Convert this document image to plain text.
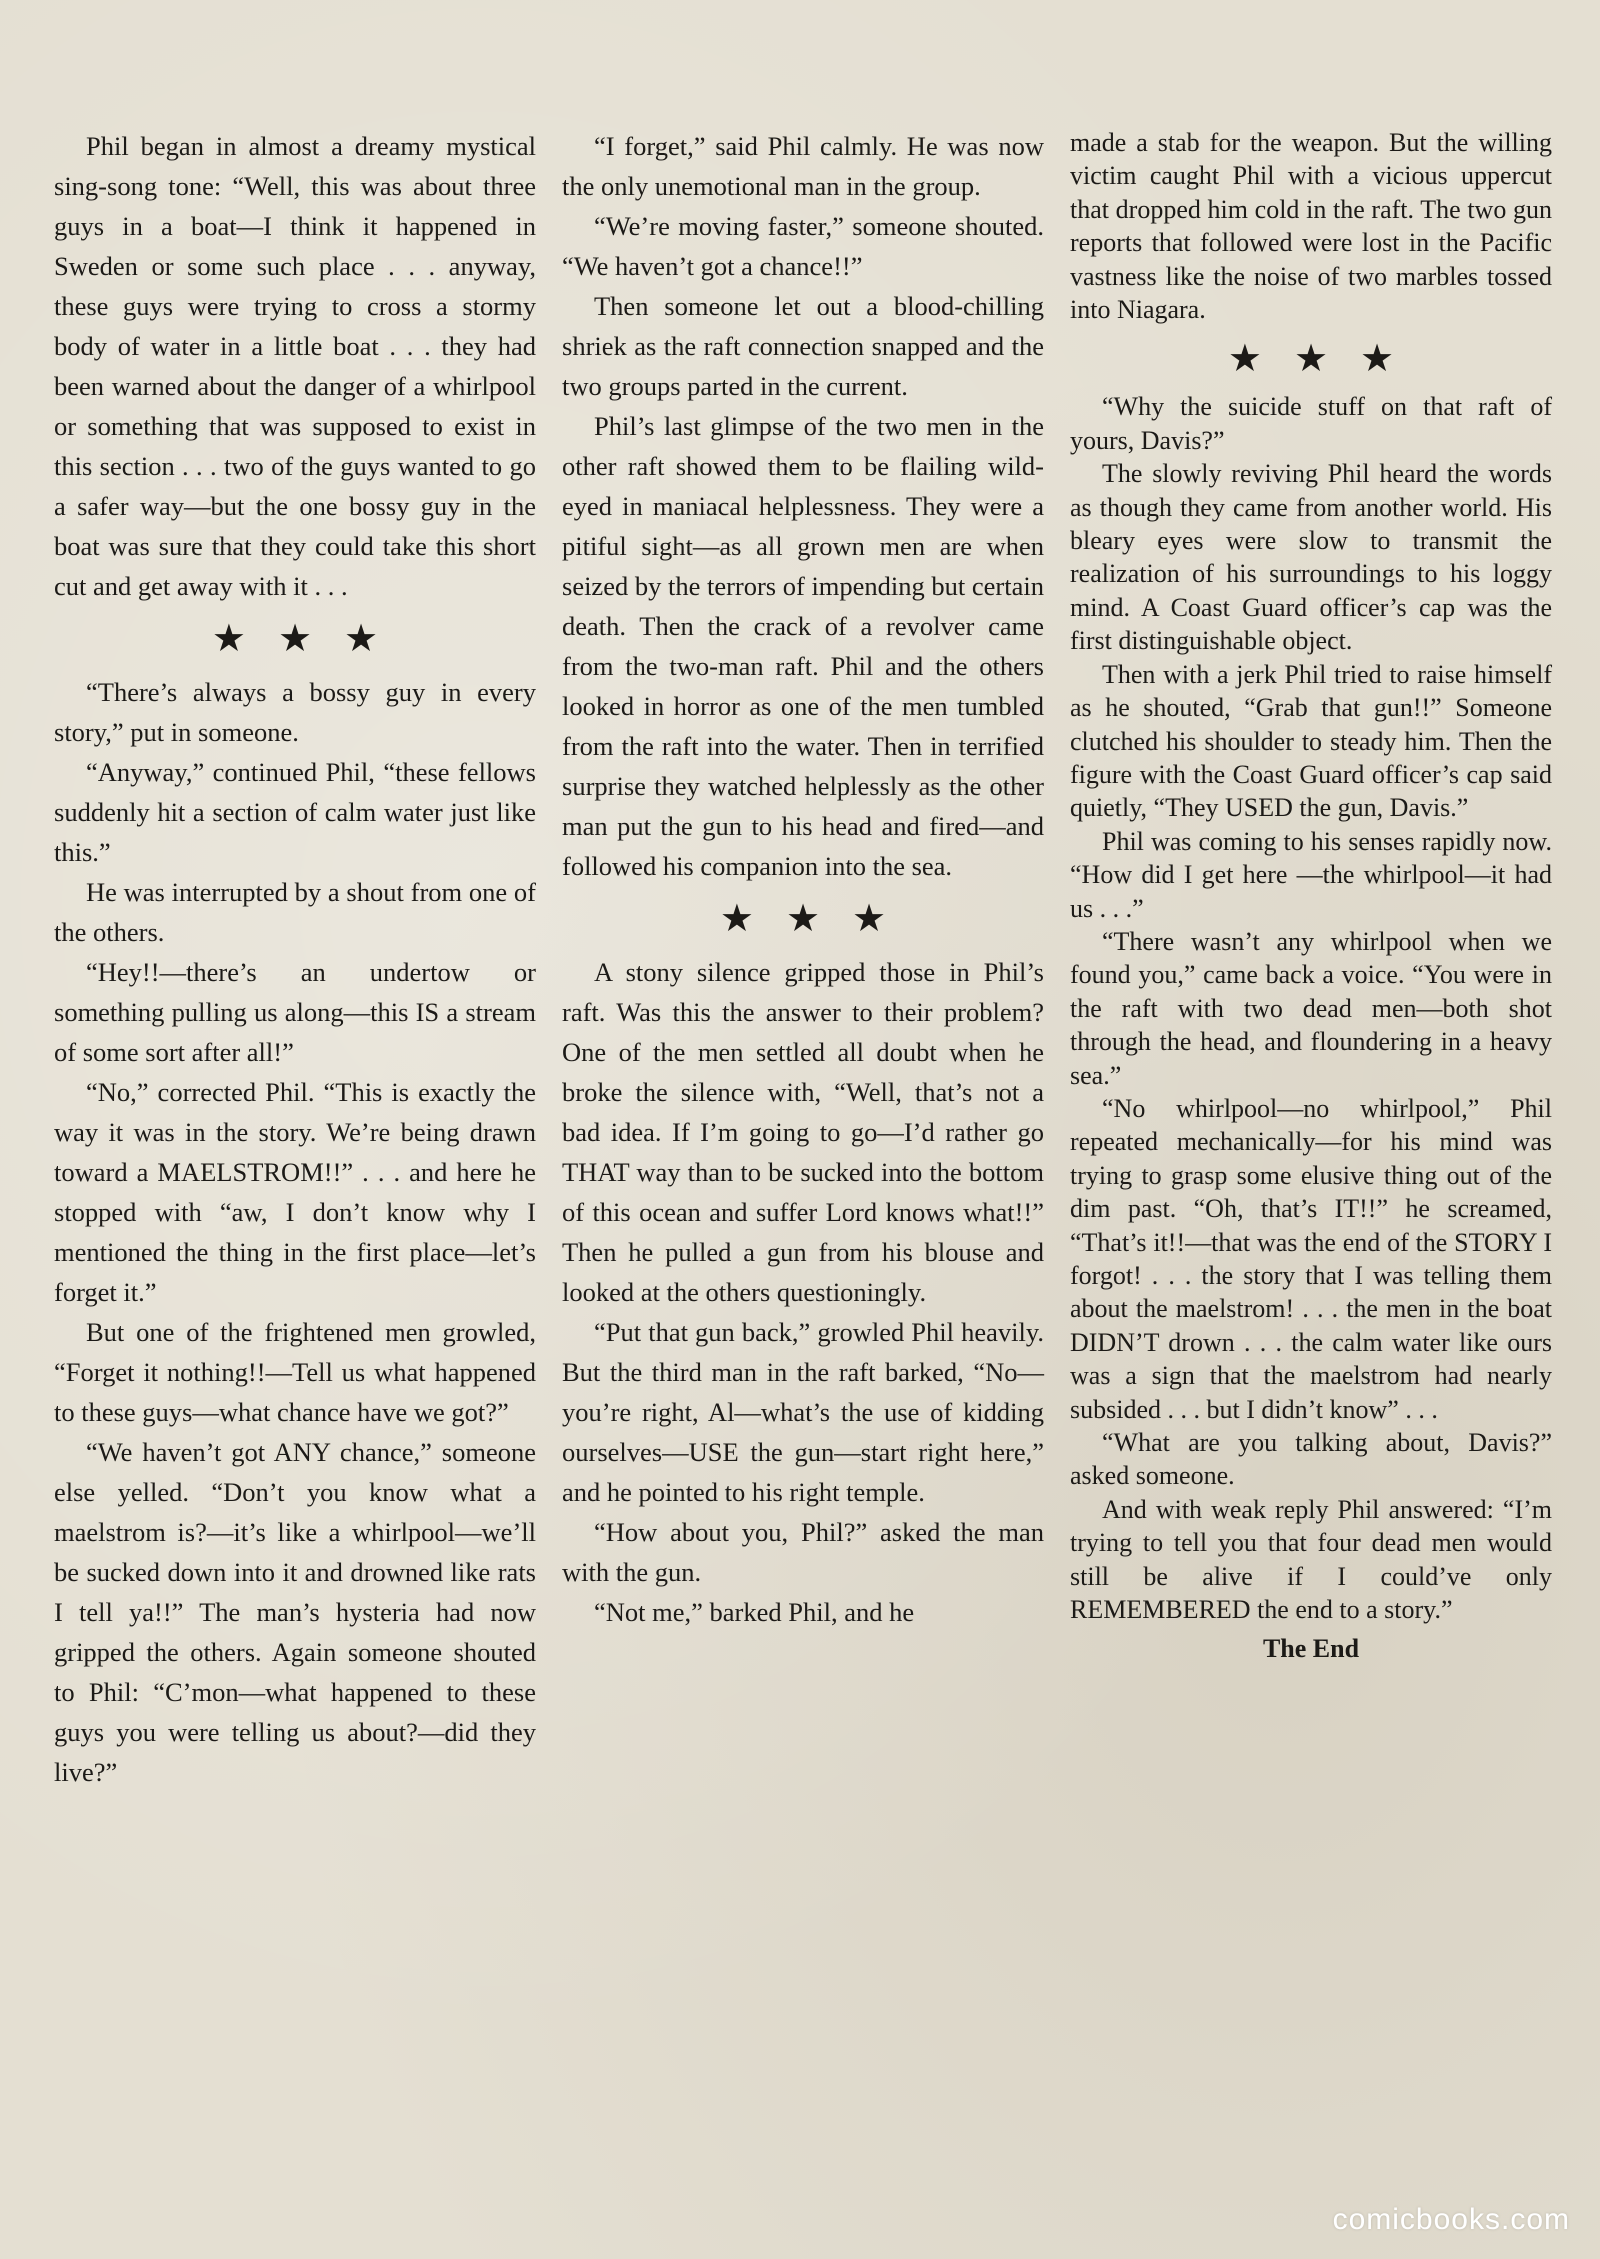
Phil began in almost a dreamy mystical sing-song tone: “Well, this was about three guys in a boat—I think it happened in Sweden or some such place . . . anyway, these guys were trying to cross a stormy body of water in a little boat . . . they had been warned about the danger of a whirlpool or something that was supposed to exist in this section . . . two of the guys wanted to go a safer way—but the one bossy guy in the boat was sure that they could take this short cut and get away with it . . .

★★★

“There’s always a bossy guy in every story,” put in someone.

“Anyway,” continued Phil, “these fellows suddenly hit a section of calm water just like this.”

He was interrupted by a shout from one of the others.

“Hey!!—there’s an undertow or something pulling us along—this IS a stream of some sort after all!”

“No,” corrected Phil. “This is exactly the way it was in the story. We’re being drawn toward a MAELSTROM!!” . . . and here he stopped with “aw, I don’t know why I mentioned the thing in the first place—let’s forget it.”

But one of the frightened men growled, “Forget it nothing!!—Tell us what happened to these guys—what chance have we got?”

“We haven’t got ANY chance,” someone else yelled. “Don’t you know what a maelstrom is?—it’s like a whirlpool—we’ll be sucked down into it and drowned like rats I tell ya!!” The man’s hysteria had now gripped the others. Again someone shouted to Phil: “C’mon—what happened to these guys you were telling us about?—did they live?”

“I forget,” said Phil calmly. He was now the only unemotional man in the group.

“We’re moving faster,” someone shouted. “We haven’t got a chance!!”

Then someone let out a blood-chilling shriek as the raft connection snapped and the two groups parted in the current.

Phil’s last glimpse of the two men in the other raft showed them to be flailing wild-eyed in maniacal helplessness. They were a pitiful sight—as all grown men are when seized by the terrors of impending but certain death. Then the crack of a revolver came from the two-man raft. Phil and the others looked in horror as one of the men tumbled from the raft into the water. Then in terrified surprise they watched helplessly as the other man put the gun to his head and fired—and followed his companion into the sea.

★★★

A stony silence gripped those in Phil’s raft. Was this the answer to their problem? One of the men settled all doubt when he broke the silence with, “Well, that’s not a bad idea. If I’m going to go—I’d rather go THAT way than to be sucked into the bottom of this ocean and suffer Lord knows what!!” Then he pulled a gun from his blouse and looked at the others questioningly.

“Put that gun back,” growled Phil heavily. But the third man in the raft barked, “No—you’re right, Al—what’s the use of kidding ourselves—USE the gun—start right here,” and he pointed to his right temple.

“How about you, Phil?” asked the man with the gun.

“Not me,” barked Phil, and he

made a stab for the weapon. But the willing victim caught Phil with a vicious uppercut that dropped him cold in the raft. The two gun reports that followed were lost in the Pacific vastness like the noise of two marbles tossed into Niagara.

★★★

“Why the suicide stuff on that raft of yours, Davis?”

The slowly reviving Phil heard the words as though they came from another world. His bleary eyes were slow to transmit the realization of his surroundings to his loggy mind. A Coast Guard officer’s cap was the first distinguishable object.

Then with a jerk Phil tried to raise himself as he shouted, “Grab that gun!!” Someone clutched his shoulder to steady him. Then the figure with the Coast Guard officer’s cap said quietly, “They USED the gun, Davis.”

Phil was coming to his senses rapidly now. “How did I get here —the whirlpool—it had us . . .”

“There wasn’t any whirlpool when we found you,” came back a voice. “You were in the raft with two dead men—both shot through the head, and floundering in a heavy sea.”

“No whirlpool—no whirlpool,” Phil repeated mechanically—for his mind was trying to grasp some elusive thing out of the dim past. “Oh, that’s IT!!” he screamed, “That’s it!!—that was the end of the STORY I forgot! . . . the story that I was telling them about the maelstrom! . . . the men in the boat DIDN’T drown . . . the calm water like ours was a sign that the maelstrom had nearly subsided . . . but I didn’t know” . . .

“What are you talking about, Davis?” asked someone.

And with weak reply Phil answered: “I’m trying to tell you that four dead men would still be alive if I could’ve only REMEMBERED the end to a story.”

The End
comicbooks.com
